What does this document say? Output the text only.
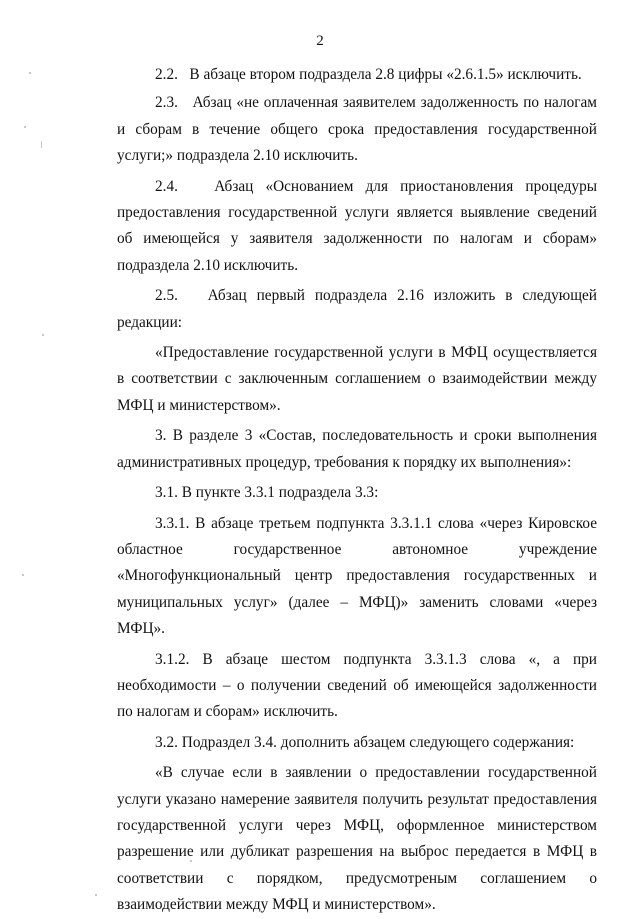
2

2.2.   В абзаце втором подраздела 2.8 цифры «2.6.1.5» исключить.

2.3.   Абзац «не оплаченная заявителем задолженность по налогам и сборам в течение общего срока предоставления государственной услуги;» подраздела 2.10 исключить.

2.4.   Абзац «Основанием для приостановления процедуры предоставления государственной услуги является выявление сведений об имеющейся у заявителя задолженности по налогам и сборам» подраздела 2.10 исключить.

2.5.   Абзац первый подраздела 2.16 изложить в следующей редакции:

«Предоставление государственной услуги в МФЦ осуществляется в соответствии с заключенным соглашением о взаимодействии между МФЦ и министерством».

3. В разделе 3 «Состав, последовательность и сроки выполнения административных процедур, требования к порядку их выполнения»:

3.1. В пункте 3.3.1 подраздела 3.3:

3.3.1. В абзаце третьем подпункта 3.3.1.1 слова «через Кировское областное государственное автономное учреждение «Многофункциональный центр предоставления государственных и муниципальных услуг» (далее – МФЦ)» заменить словами «через МФЦ».

3.1.2. В абзаце шестом подпункта 3.3.1.3 слова «, а при необходимости – о получении сведений об имеющейся задолженности по налогам и сборам» исключить.

3.2. Подраздел 3.4. дополнить абзацем следующего содержания:

«В случае если в заявлении о предоставлении государственной услуги указано намерение заявителя получить результат предоставления государственной услуги через МФЦ, оформленное министерством разрешение или дубликат разрешения на выброс передается в МФЦ в соответствии с порядком, предусмотреным соглашением о взаимодействии между МФЦ и министерством».
